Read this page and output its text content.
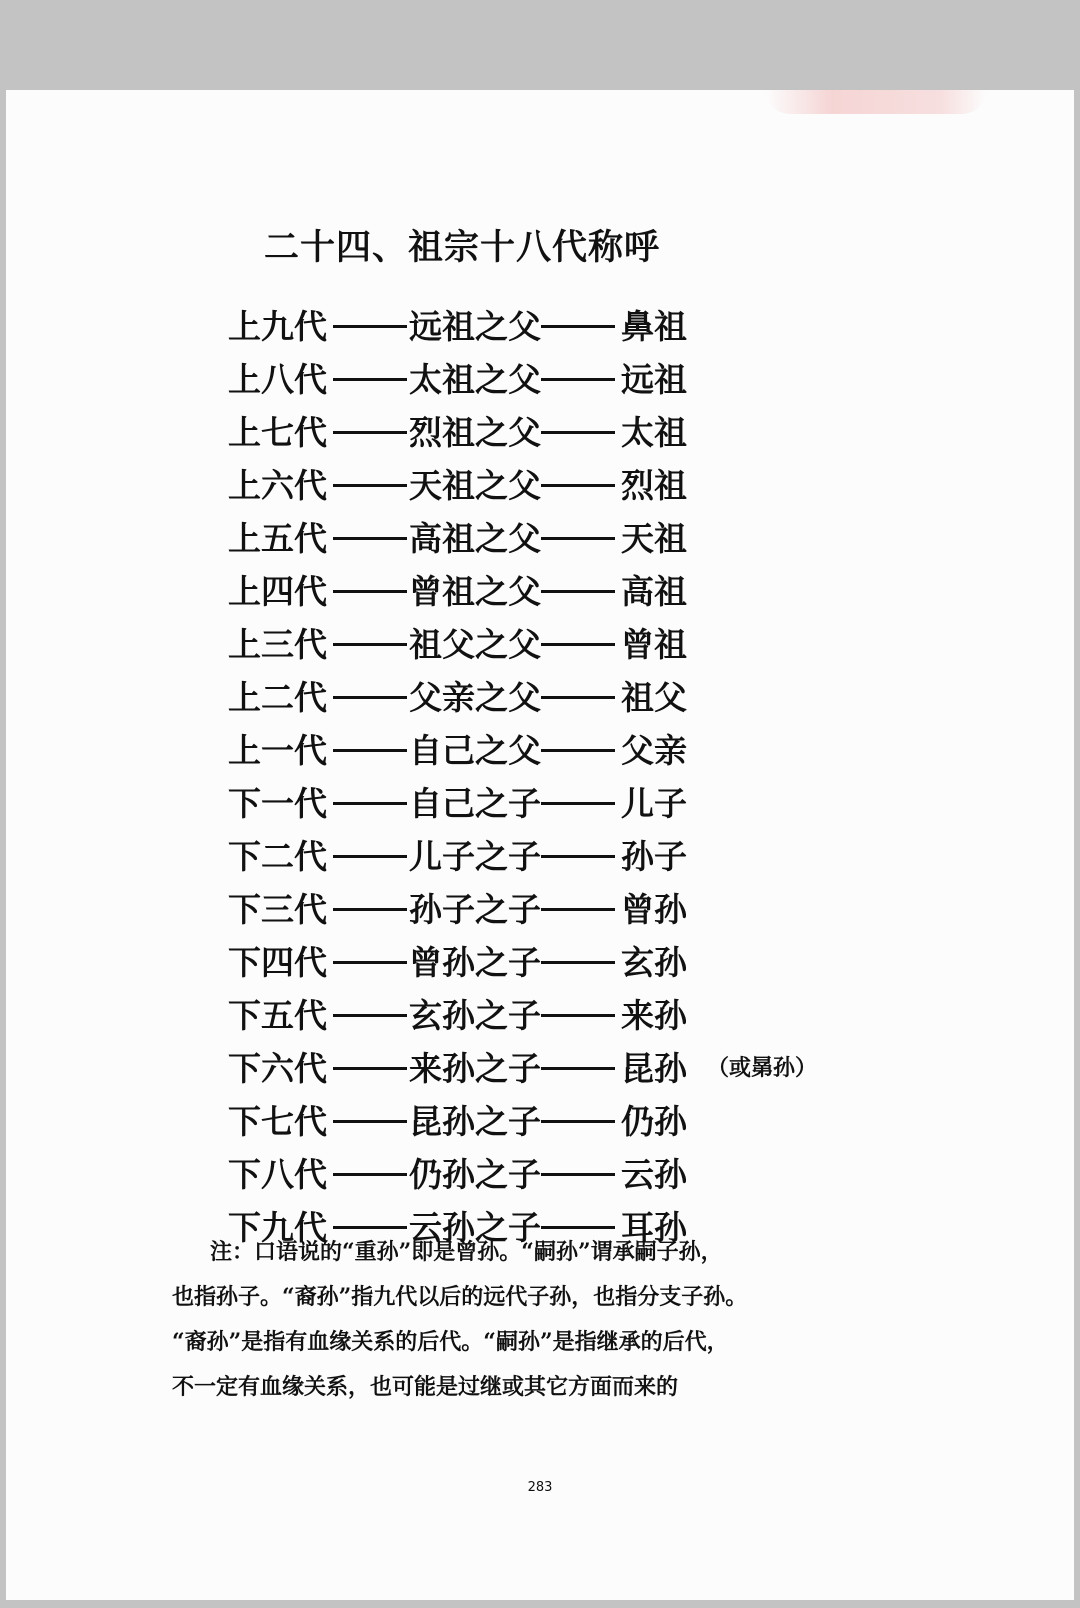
二十四、祖宗十八代称呼
上九代 远祖之父 鼻祖
上八代 太祖之父 远祖
上七代 烈祖之父 太祖
上六代 天祖之父 烈祖
上五代 高祖之父 天祖
上四代 曾祖之父 高祖
上三代 祖父之父 曾祖
上二代 父亲之父 祖父
上一代 自己之父 父亲
下一代 自己之子 儿子
下二代 儿子之子 孙子
下三代 孙子之子 曾孙
下四代 曾孙之子 玄孙
下五代 玄孙之子 来孙
下六代 来孙之子 昆孙 （或晜孙）
下七代 昆孙之子 仍孙
下八代 仍孙之子 云孙
下九代 云孙之子 耳孙

注：口语说的“重孙”即是曾孙。“嗣孙”谓承嗣子孙，

也指孙子。“裔孙”指九代以后的远代子孙，也指分支子孙。

“裔孙”是指有血缘关系的后代。“嗣孙”是指继承的后代，

不一定有血缘关系，也可能是过继或其它方面而来的

283
